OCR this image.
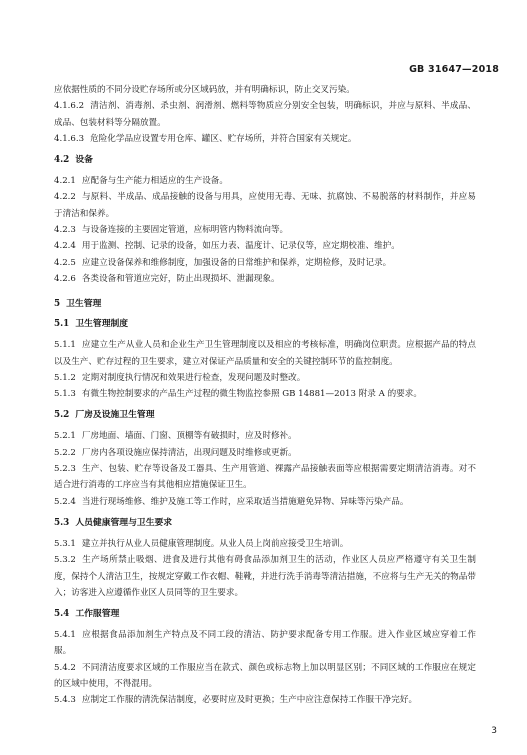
GB 31647—2018

应依据性质的不同分设贮存场所或分区域码放，并有明确标识，防止交叉污染。

4.1.6.2 清洁剂、消毒剂、杀虫剂、润滑剂、燃料等物质应分别安全包装，明确标识，并应与原料、半成品、成品、包装材料等分隔放置。

4.1.6.3 危险化学品应设置专用仓库、罐区、贮存场所，并符合国家有关规定。

4.2 设备

4.2.1 应配备与生产能力相适应的生产设备。

4.2.2 与原料、半成品、成品接触的设备与用具，应使用无毒、无味、抗腐蚀、不易脱落的材料制作，并应易于清洁和保养。

4.2.3 与设备连接的主要固定管道，应标明管内物料流向等。

4.2.4 用于监测、控制、记录的设备，如压力表、温度计、记录仪等，应定期校准、维护。

4.2.5 应建立设备保养和维修制度，加强设备的日常维护和保养，定期检修，及时记录。

4.2.6 各类设备和管道应完好，防止出现损坏、泄漏现象。

5 卫生管理

5.1 卫生管理制度

5.1.1 应建立生产从业人员和企业生产卫生管理制度以及相应的考核标准，明确岗位职责。应根据产品的特点以及生产、贮存过程的卫生要求，建立对保证产品质量和安全的关键控制环节的监控制度。

5.1.2 定期对制度执行情况和效果进行检查，发现问题及时整改。

5.1.3 有微生物控制要求的产品生产过程的微生物监控参照 GB 14881—2013 附录 A 的要求。

5.2 厂房及设施卫生管理

5.2.1 厂房地面、墙面、门窗、顶棚等有破损时，应及时修补。

5.2.2 厂房内各项设施应保持清洁，出现问题及时维修或更新。

5.2.3 生产、包装、贮存等设备及工器具、生产用管道、裸露产品接触表面等应根据需要定期清洁消毒。对不适合进行消毒的工序应当有其他相应措施保证卫生。

5.2.4 当进行现场维修、维护及施工等工作时，应采取适当措施避免异物、异味等污染产品。

5.3 人员健康管理与卫生要求

5.3.1 建立并执行从业人员健康管理制度。从业人员上岗前应接受卫生培训。

5.3.2 生产场所禁止吸烟、进食及进行其他有碍食品添加剂卫生的活动，作业区人员应严格遵守有关卫生制度，保持个人清洁卫生，按规定穿戴工作衣帽、鞋靴，并进行洗手消毒等清洁措施，不应将与生产无关的物品带入；访客进入应遵循作业区人员同等的卫生要求。

5.4 工作服管理

5.4.1 应根据食品添加剂生产特点及不同工段的清洁、防护要求配备专用工作服。进入作业区域应穿着工作服。

5.4.2 不同清洁度要求区域的工作服应当在款式、颜色或标志物上加以明显区别；不同区域的工作服应在规定的区域中使用，不得混用。

5.4.3 应制定工作服的清洗保洁制度，必要时应及时更换；生产中应注意保持工作服干净完好。

3
